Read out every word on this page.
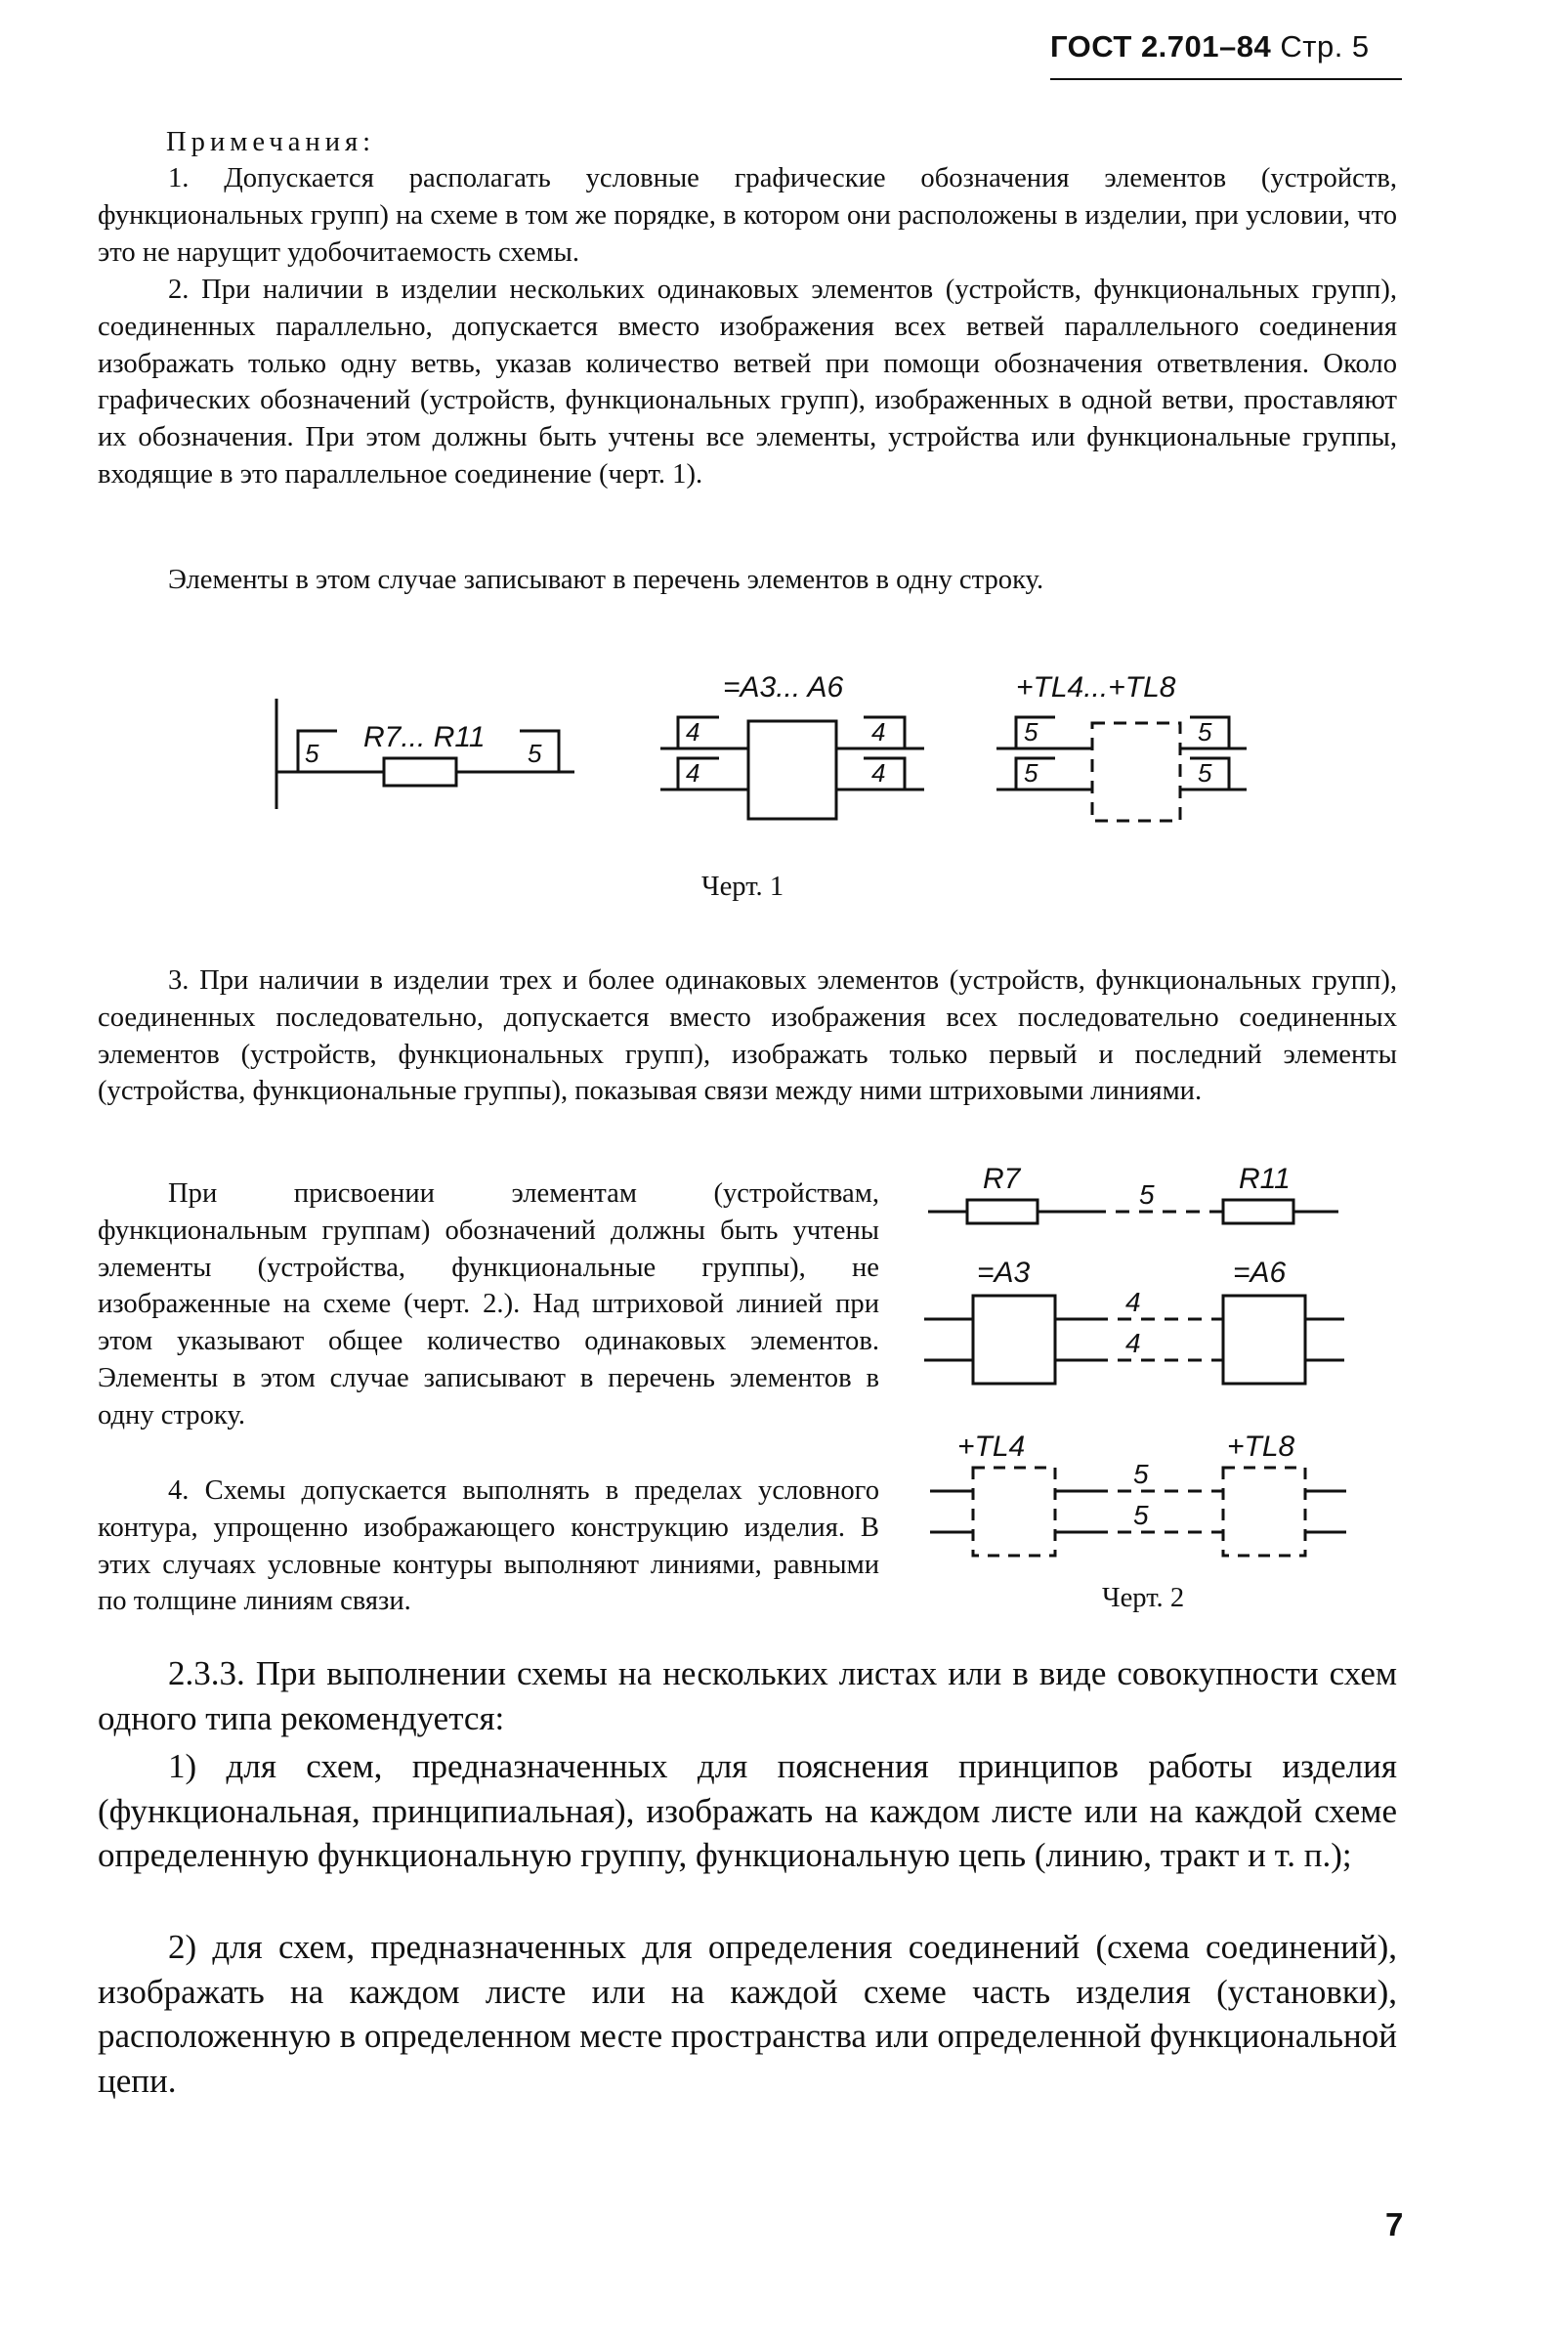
ГОСТ 2.701–84 Стр. 5

Примечания:

1. Допускается располагать условные графические обозначения элементов (устройств, функциональных групп) на схеме в том же порядке, в котором они расположены в изделии, при условии, что это не нарущит удобочитаемость схемы.

2. При наличии в изделии нескольких одинаковых элементов (устройств, функциональных групп), соединенных параллельно, допускается вместо изображения всех ветвей параллельного соединения изображать только одну ветвь, указав количество ветвей при помощи обозначения ответвления. Около графических обозначений (устройств, функциональных групп), изображенных в одной ветви, проставляют их обозначения. При этом должны быть учтены все элементы, устройства или функциональные группы, входящие в это параллельное соединение (черт. 1).

Элементы в этом случае записывают в перечень элементов в одну строку.

R7... R11
5	5
=A3... A6
4
4
4
4
+TL4...+TL8
5
5
5
5
Черт. 1

3. При наличии в изделии трех и более одинаковых элементов (устройств, функциональных групп), соединенных последовательно, допускается вместо изображения всех последовательно соединенных элементов (устройств, функциональных групп), изображать только первый и последний элементы (устройства, функциональные группы), показывая связи между ними штриховыми линиями.

При присвоении элементам (устройствам, функциональным группам) обозначений должны быть учтены элементы (устройства, функциональные группы), не изображенные на схеме (черт. 2.). Над штриховой линией при этом указывают общее количество одинаковых элементов. Элементы в этом случае записывают в перечень элементов в одну строку.

4. Схемы допускается выполнять в пределах условного контура, упрощенно изображающего конструкцию изделия. В этих случаях условные контуры выполняют линиями, равными по толщине линиям связи.

R7	5	R11
=A3	=A6
4
4
+TL4	+TL8
5
5
Черт. 2

2.3.3. При выполнении схемы на нескольких листах или в виде совокупности схем одного типа рекомендуется:

1) для схем, предназначенных для пояснения принципов работы изделия (функциональная, принципиальная), изображать на каждом листе или на каждой схеме определенную функциональную группу, функциональную цепь (линию, тракт и т. п.);

2) для схем, предназначенных для определения соединений (схема соединений), изображать на каждом листе или на каждой схеме часть изделия (установки), расположенную в определенном месте пространства или определенной функциональной цепи.

7
